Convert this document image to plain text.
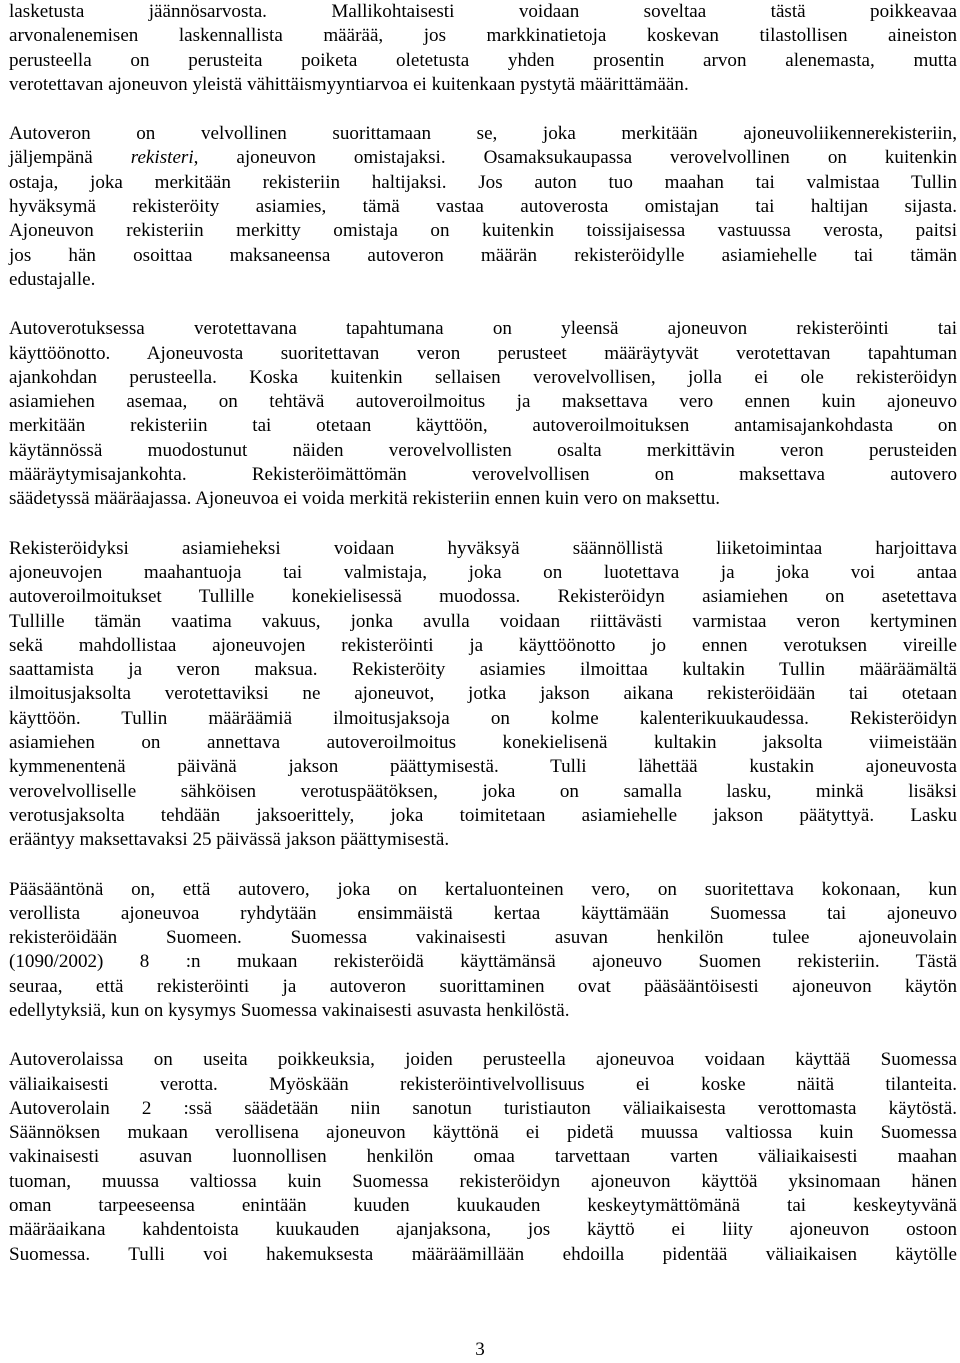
lasketusta jäännösarvosta. Mallikohtaisesti voidaan soveltaa tästä poikkeavaa
arvonalenemisen laskennallista määrää, jos markkinatietoja koskevan tilastollisen aineiston
perusteella on perusteita poiketa oletetusta yhden prosentin arvon alenemasta, mutta
verotettavan ajoneuvon yleistä vähittäismyyntiarvoa ei kuitenkaan pystytä määrittämään.
Autoveron on velvollinen suorittamaan se, joka merkitään ajoneuvoliikennerekisteriin,
jäljempänä rekisteri, ajoneuvon omistajaksi. Osamaksukaupassa verovelvollinen on kuitenkin
ostaja, joka merkitään rekisteriin haltijaksi. Jos auton tuo maahan tai valmistaa Tullin
hyväksymä rekisteröity asiamies, tämä vastaa autoverosta omistajan tai haltijan sijasta.
Ajoneuvon rekisteriin merkitty omistaja on kuitenkin toissijaisessa vastuussa verosta, paitsi
jos hän osoittaa maksaneensa autoveron määrän rekisteröidylle asiamiehelle tai tämän
edustajalle.
Autoverotuksessa verotettavana tapahtumana on yleensä ajoneuvon rekisteröinti tai
käyttöönotto. Ajoneuvosta suoritettavan veron perusteet määräytyvät verotettavan tapahtuman
ajankohdan perusteella. Koska kuitenkin sellaisen verovelvollisen, jolla ei ole rekisteröidyn
asiamiehen asemaa, on tehtävä autoveroilmoitus ja maksettava vero ennen kuin ajoneuvo
merkitään rekisteriin tai otetaan käyttöön, autoveroilmoituksen antamisajankohdasta on
käytännössä muodostunut näiden verovelvollisten osalta merkittävin veron perusteiden
määräytymisajankohta. Rekisteröimättömän verovelvollisen on maksettava autovero
säädetyssä määräajassa. Ajoneuvoa ei voida merkitä rekisteriin ennen kuin vero on maksettu.
Rekisteröidyksi asiamieheksi voidaan hyväksyä säännöllistä liiketoimintaa harjoittava
ajoneuvojen maahantuoja tai valmistaja, joka on luotettava ja joka voi antaa
autoveroilmoitukset Tullille konekielisessä muodossa. Rekisteröidyn asiamiehen on asetettava
Tullille tämän vaatima vakuus, jonka avulla voidaan riittävästi varmistaa veron kertyminen
sekä mahdollistaa ajoneuvojen rekisteröinti ja käyttöönotto jo ennen verotuksen vireille
saattamista ja veron maksua. Rekisteröity asiamies ilmoittaa kultakin Tullin määräämältä
ilmoitusjaksolta verotettaviksi ne ajoneuvot, jotka jakson aikana rekisteröidään tai otetaan
käyttöön. Tullin määräämiä ilmoitusjaksoja on kolme kalenterikuukaudessa. Rekisteröidyn
asiamiehen on annettava autoveroilmoitus konekielisenä kultakin jaksolta viimeistään
kymmenentenä päivänä jakson päättymisestä. Tulli lähettää kustakin ajoneuvosta
verovelvolliselle sähköisen verotuspäätöksen, joka on samalla lasku, minkä lisäksi
verotusjaksolta tehdään jaksoerittely, joka toimitetaan asiamiehelle jakson päätyttyä. Lasku
erääntyy maksettavaksi 25 päivässä jakson päättymisestä.
Pääsääntönä on, että autovero, joka on kertaluonteinen vero, on suoritettava kokonaan, kun
verollista ajoneuvoa ryhdytään ensimmäistä kertaa käyttämään Suomessa tai ajoneuvo
rekisteröidään Suomeen. Suomessa vakinaisesti asuvan henkilön tulee ajoneuvolain
(1090/2002) 8 :n mukaan rekisteröidä käyttämänsä ajoneuvo Suomen rekisteriin. Tästä
seuraa, että rekisteröinti ja autoveron suorittaminen ovat pääsääntöisesti ajoneuvon käytön
edellytyksiä, kun on kysymys Suomessa vakinaisesti asuvasta henkilöstä.
Autoverolaissa on useita poikkeuksia, joiden perusteella ajoneuvoa voidaan käyttää Suomessa
väliaikaisesti verotta. Myöskään rekisteröintivelvollisuus ei koske näitä tilanteita.
Autoverolain 2 :ssä säädetään niin sanotun turistiauton väliaikaisesta verottomasta käytöstä.
Säännöksen mukaan verollisena ajoneuvon käyttönä ei pidetä muussa valtiossa kuin Suomessa
vakinaisesti asuvan luonnollisen henkilön omaa tarvettaan varten väliaikaisesti maahan
tuoman, muussa valtiossa kuin Suomessa rekisteröidyn ajoneuvon käyttöä yksinomaan hänen
oman tarpeeseensa enintään kuuden kuukauden keskeytymättömänä tai keskeytyvänä
määräaikana kahdentoista kuukauden ajanjaksona, jos käyttö ei liity ajoneuvon ostoon
Suomessa. Tulli voi hakemuksesta määräämillään ehdoilla pidentää väliaikaisen käytölle
3
